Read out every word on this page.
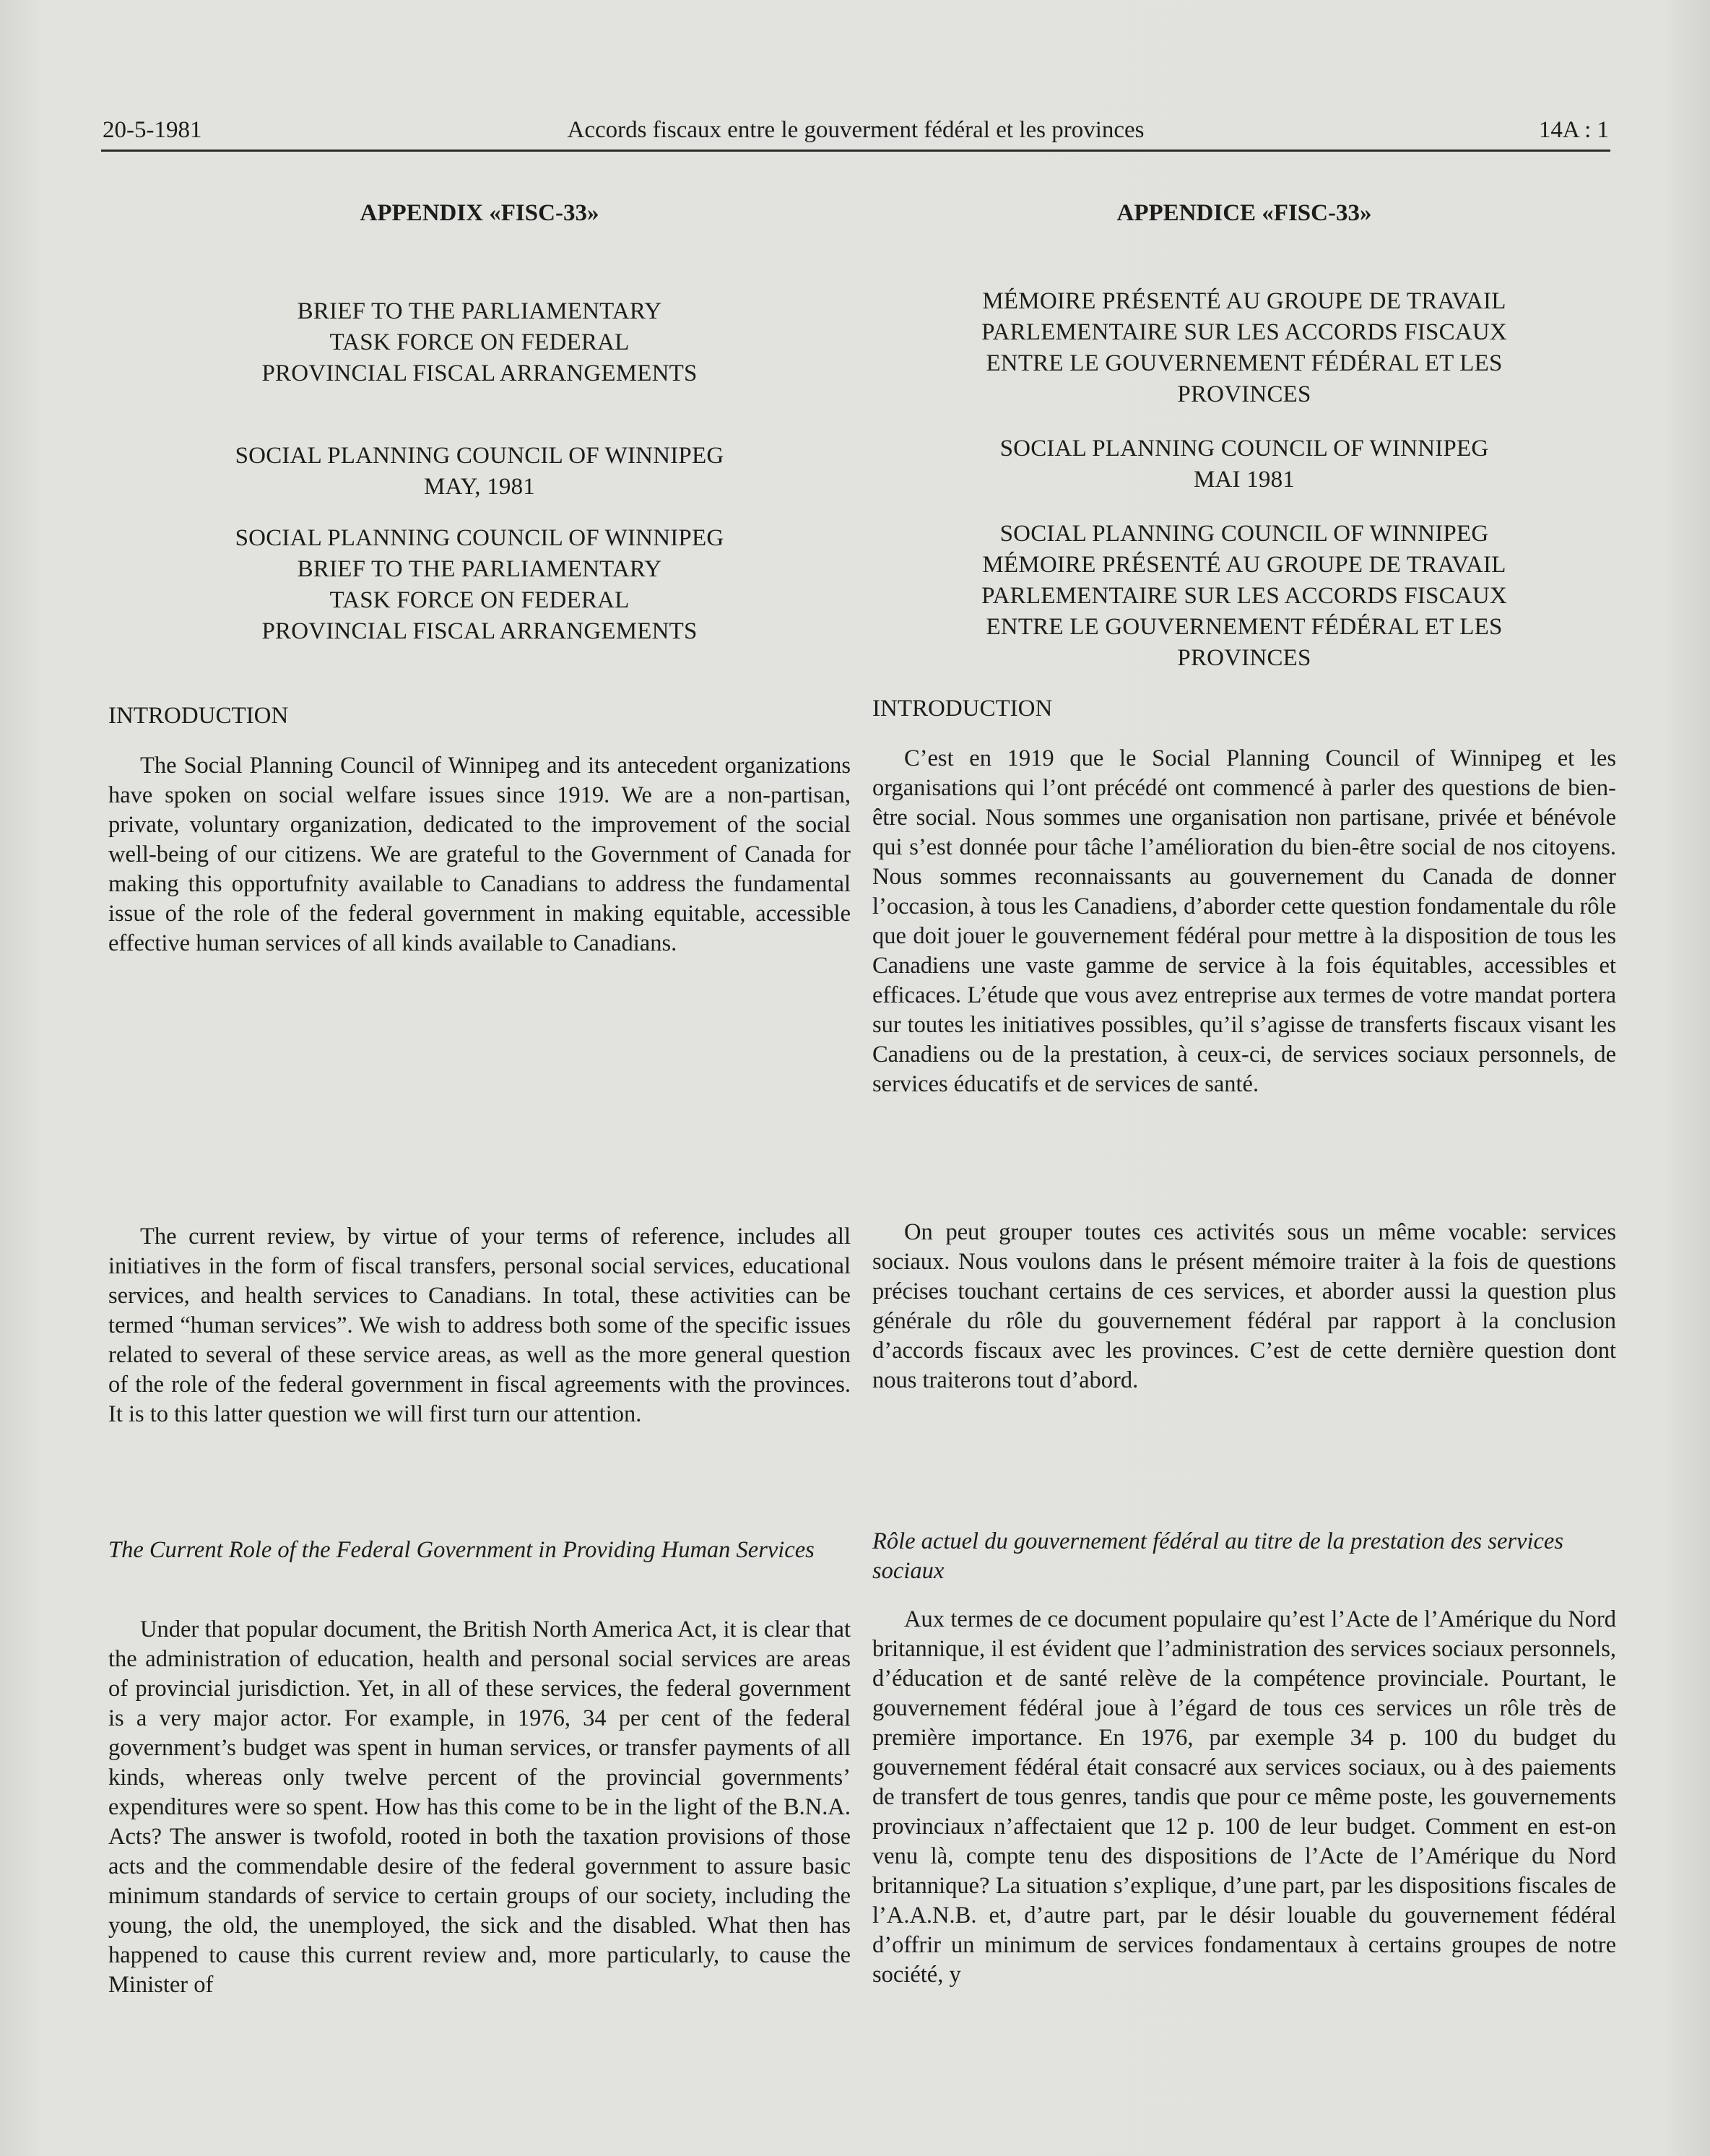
20-5-1981	Accords fiscaux entre le gouverment fédéral et les provinces	14A : 1

APPENDIX «FISC-33»

BRIEF TO THE PARLIAMENTARY
TASK FORCE ON FEDERAL
PROVINCIAL FISCAL ARRANGEMENTS

SOCIAL PLANNING COUNCIL OF WINNIPEG
MAY, 1981

SOCIAL PLANNING COUNCIL OF WINNIPEG
BRIEF TO THE PARLIAMENTARY
TASK FORCE ON FEDERAL
PROVINCIAL FISCAL ARRANGEMENTS

INTRODUCTION

The Social Planning Council of Winnipeg and its antecedent organizations have spoken on social welfare issues since 1919. We are a non-partisan, private, voluntary organization, dedicated to the improvement of the social well-being of our citizens. We are grateful to the Government of Canada for making this opportufnity available to Canadians to address the fundamental issue of the role of the federal government in making equitable, accessible effective human services of all kinds available to Canadians.

The current review, by virtue of your terms of reference, includes all initiatives in the form of fiscal transfers, personal social services, educational services, and health services to Canadians. In total, these activities can be termed “human services”. We wish to address both some of the specific issues related to several of these service areas, as well as the more general question of the role of the federal government in fiscal agreements with the provinces. It is to this latter question we will first turn our attention.

The Current Role of the Federal Government in Providing Human Services

Under that popular document, the British North America Act, it is clear that the administration of education, health and personal social services are areas of provincial jurisdiction. Yet, in all of these services, the federal government is a very major actor. For example, in 1976, 34 per cent of the federal government’s budget was spent in human services, or transfer payments of all kinds, whereas only twelve percent of the provincial governments’ expenditures were so spent. How has this come to be in the light of the B.N.A. Acts? The answer is twofold, rooted in both the taxation provisions of those acts and the commendable desire of the federal government to assure basic minimum standards of service to certain groups of our society, including the young, the old, the unemployed, the sick and the disabled. What then has happened to cause this current review and, more particularly, to cause the Minister of

APPENDICE «FISC-33»

MÉMOIRE PRÉSENTÉ AU GROUPE DE TRAVAIL
PARLEMENTAIRE SUR LES ACCORDS FISCAUX
ENTRE LE GOUVERNEMENT FÉDÉRAL ET LES
PROVINCES

SOCIAL PLANNING COUNCIL OF WINNIPEG
MAI 1981

SOCIAL PLANNING COUNCIL OF WINNIPEG
MÉMOIRE PRÉSENTÉ AU GROUPE DE TRAVAIL
PARLEMENTAIRE SUR LES ACCORDS FISCAUX
ENTRE LE GOUVERNEMENT FÉDÉRAL ET LES
PROVINCES

INTRODUCTION

C’est en 1919 que le Social Planning Council of Winnipeg et les organisations qui l’ont précédé ont commencé à parler des questions de bien-être social. Nous sommes une organisation non partisane, privée et bénévole qui s’est donnée pour tâche l’amélioration du bien-être social de nos citoyens. Nous sommes reconnaissants au gouvernement du Canada de donner l’occasion, à tous les Canadiens, d’aborder cette question fondamentale du rôle que doit jouer le gouvernement fédéral pour mettre à la disposition de tous les Canadiens une vaste gamme de service à la fois équitables, accessibles et efficaces. L’étude que vous avez entreprise aux termes de votre mandat portera sur toutes les initiatives possibles, qu’il s’agisse de transferts fiscaux visant les Canadiens ou de la prestation, à ceux-ci, de services sociaux personnels, de services éducatifs et de services de santé.

On peut grouper toutes ces activités sous un même vocable: services sociaux. Nous voulons dans le présent mémoire traiter à la fois de questions précises touchant certains de ces services, et aborder aussi la question plus générale du rôle du gouvernement fédéral par rapport à la conclusion d’accords fiscaux avec les provinces. C’est de cette dernière question dont nous traiterons tout d’abord.

Rôle actuel du gouvernement fédéral au titre de la prestation des services sociaux

Aux termes de ce document populaire qu’est l’Acte de l’Amérique du Nord britannique, il est évident que l’administration des services sociaux personnels, d’éducation et de santé relève de la compétence provinciale. Pourtant, le gouvernement fédéral joue à l’égard de tous ces services un rôle très de première importance. En 1976, par exemple 34 p. 100 du budget du gouvernement fédéral était consacré aux services sociaux, ou à des paiements de transfert de tous genres, tandis que pour ce même poste, les gouvernements provinciaux n’affectaient que 12 p. 100 de leur budget. Comment en est-on venu là, compte tenu des dispositions de l’Acte de l’Amérique du Nord britannique? La situation s’explique, d’une part, par les dispositions fiscales de l’A.A.N.B. et, d’autre part, par le désir louable du gouvernement fédéral d’offrir un minimum de services fondamentaux à certains groupes de notre société, y
